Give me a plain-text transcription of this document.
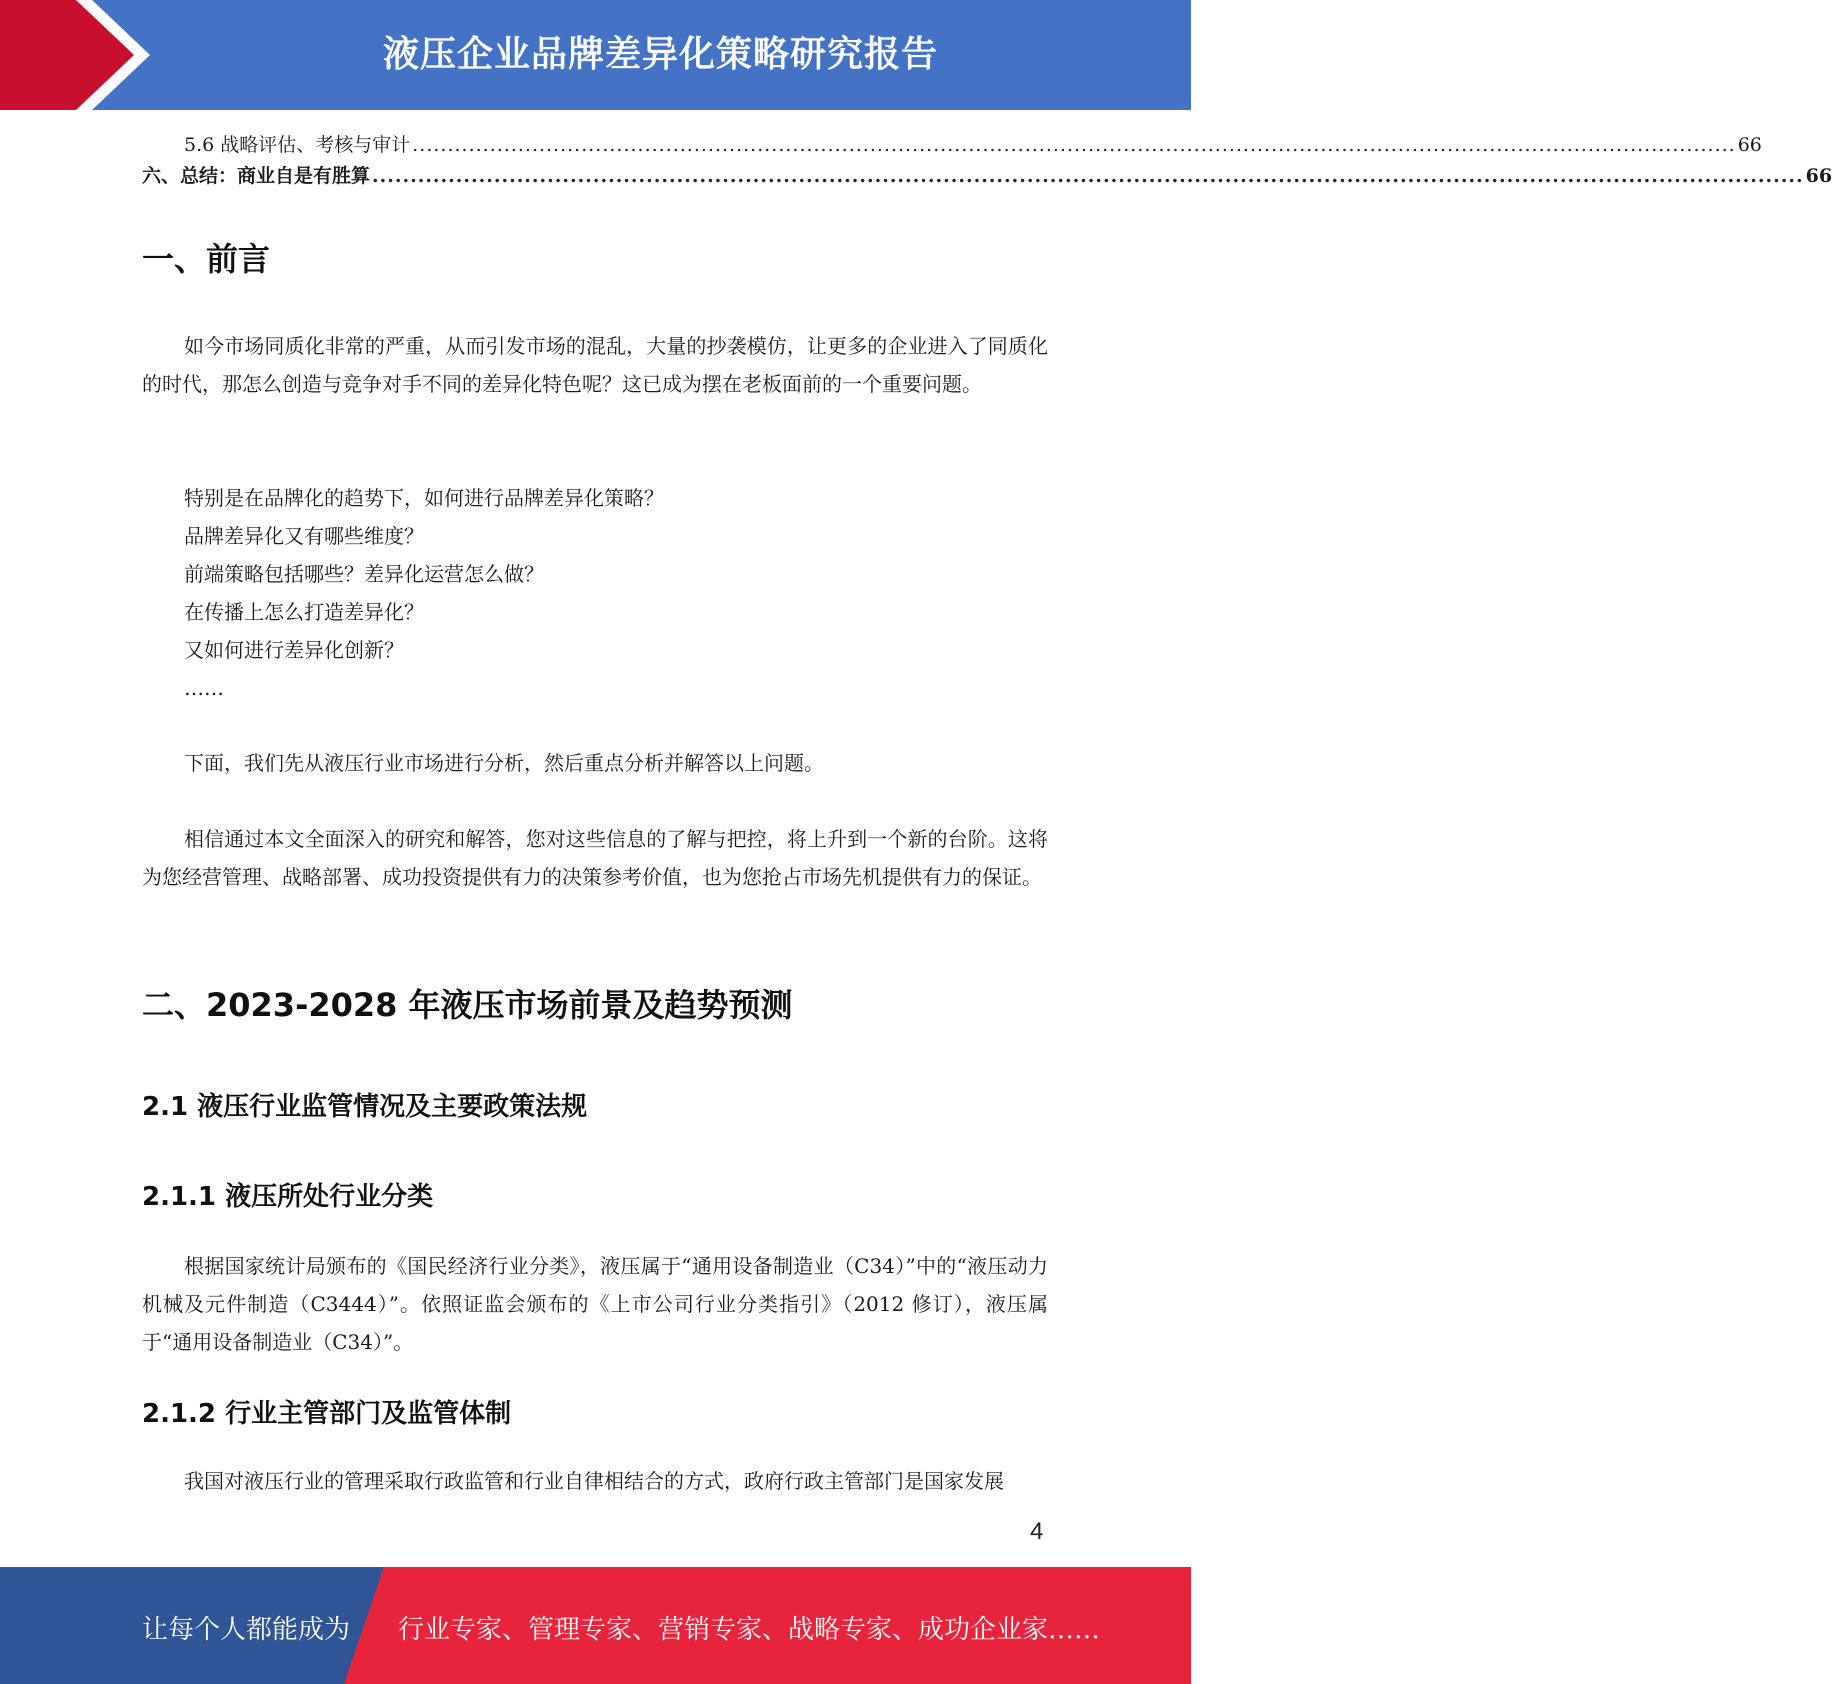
液压企业品牌差异化策略研究报告
5.6 战略评估、考核与审计 ............................................................................................................................................................................................ 66
六、总结：商业自是有胜算 ............................................................................................................................................................................................ 66
一、前言

如今市场同质化非常的严重，从而引发市场的混乱，大量的抄袭模仿，让更多的企业进入了同质化的时代，那怎么创造与竞争对手不同的差异化特色呢？这已成为摆在老板面前的一个重要问题。

特别是在品牌化的趋势下，如何进行品牌差异化策略？
品牌差异化又有哪些维度？
前端策略包括哪些？差异化运营怎么做？
在传播上怎么打造差异化？
又如何进行差异化创新？
……

下面，我们先从液压行业市场进行分析，然后重点分析并解答以上问题。

相信通过本文全面深入的研究和解答，您对这些信息的了解与把控，将上升到一个新的台阶。这将为您经营管理、战略部署、成功投资提供有力的决策参考价值，也为您抢占市场先机提供有力的保证。

二、2023-2028 年液压市场前景及趋势预测
2.1 液压行业监管情况及主要政策法规
2.1.1 液压所处行业分类

根据国家统计局颁布的《国民经济行业分类》，液压属于“通用设备制造业（C34）”中的“液压动力机械及元件制造（C3444）”。依照证监会颁布的《上市公司行业分类指引》（2012 修订），液压属于“通用设备制造业（C34）”。

2.1.2 行业主管部门及监管体制

我国对液压行业的管理采取行政监管和行业自律相结合的方式，政府行政主管部门是国家发展

4
让每个人都能成为 行业专家、管理专家、营销专家、战略专家、成功企业家……
